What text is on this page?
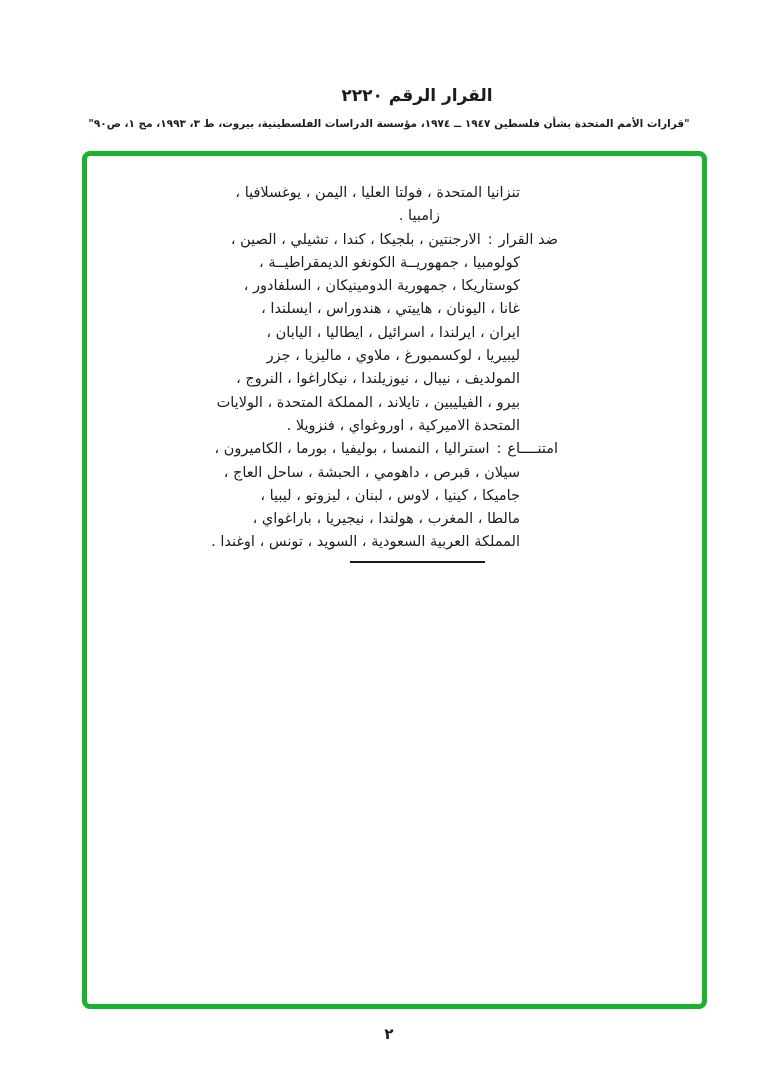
القرار الرقم ٢٢٢٠
"قرارات الأمم المتحدة بشأن فلسطين ١٩٤٧ ــ ١٩٧٤، مؤسسة الدراسات الفلسطينية، بيروت، ط ٣، ١٩٩٣، مج ١، ص٩٠"
تنزانيا المتحدة ، فولتا العليا ، اليمن ، يوغسلافيا ،
زامبيا .
ضد القرار:الارجنتين ، بلجيكا ، كندا ، تشيلي ، الصين ،
كولومبيا ، جمهوريــة الكونغو الديمقراطيــة ،
كوستاريكا ، جمهورية الدومينيكان ، السلفادور ،
غانا ، اليونان ، هاييتي ، هندوراس ، ايسلندا ،
ايران ، ايرلندا ، اسرائيل ، ايطاليا ، اليابان ،
ليبيريا ، لوكسمبورغ ، ملاوي ، ماليزيا ، جزر
المولديف ، نيبال ، نيوزيلندا ، نيكاراغوا ، النروج ،
بيرو ، الفيليبين ، تايلاند ، المملكة المتحدة ، الولايات
المتحدة الاميركية ، اوروغواي ، فنزويلا .
امتنــــاع:استراليا ، النمسا ، بوليفيا ، بورما ، الكاميرون ،
سيلان ، قبرص ، داهومي ، الحبشة ، ساحل العاج ،
جاميكا ، كينيا ، لاوس ، لبنان ، ليزوتو ، ليبيا ،
مالطا ، المغرب ، هولندا ، نيجيريا ، باراغواي ،
المملكة العربية السعودية ، السويد ، تونس ، اوغندا .
٢
